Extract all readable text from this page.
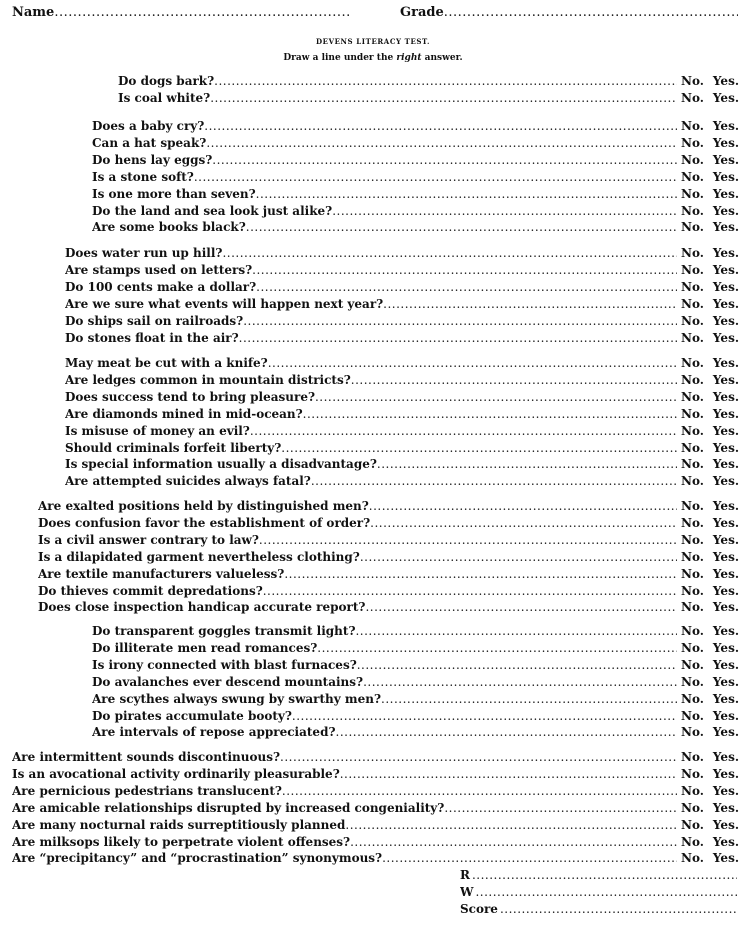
Name .....	Grade
.....
DEVENS LITERACY TEST.
Draw a line under the right answer.
Do dogs bark? .....	No. Yes.
Is coal white? .....	No. Yes.
Does a baby cry? .....	No. Yes.
Can a hat speak? .....	No. Yes.
Do hens lay eggs? .....	No. Yes.
Is a stone soft? .....	No. Yes.
Is one more than seven? .....	No. Yes.
Do the land and sea look just alike? .....	No. Yes.
Are some books black? .....	No. Yes.
Does water run up hill? .....	No. Yes.
Are stamps used on letters? .....	No. Yes.
Do 100 cents make a dollar? .....	No. Yes.
Are we sure what events will happen next year? .....	No. Yes.
Do ships sail on railroads? .....	No. Yes.
Do stones float in the air? .....	No. Yes.
May meat be cut with a knife? .....	No. Yes.
Are ledges common in mountain districts? .....	No. Yes.
Does success tend to bring pleasure? .....	No. Yes.
Are diamonds mined in mid-ocean? .....	No. Yes.
Is misuse of money an evil? .....	No. Yes.
Should criminals forfeit liberty? .....	No. Yes.
Is special information usually a disadvantage? .....	No. Yes.
Are attempted suicides always fatal? .....	No. Yes.
Are exalted positions held by distinguished men? .....	No. Yes.
Does confusion favor the establishment of order? .....	No. Yes.
Is a civil answer contrary to law? .....	No. Yes.
Is a dilapidated garment nevertheless clothing? .....	No. Yes.
Are textile manufacturers valueless? .....	No. Yes.
Do thieves commit depredations? .....	No. Yes.
Does close inspection handicap accurate report? .....	No. Yes.
Do transparent goggles transmit light? .....	No. Yes.
Do illiterate men read romances? .....	No. Yes.
Is irony connected with blast furnaces? .....	No. Yes.
Do avalanches ever descend mountains? .....	No. Yes.
Are scythes always swung by swarthy men? .....	No. Yes.
Do pirates accumulate booty? .....	No. Yes.
Are intervals of repose appreciated? .....	No. Yes.
Are intermittent sounds discontinuous? .....	No. Yes.
Is an avocational activity ordinarily pleasurable? .....	No. Yes.
Are pernicious pedestrians translucent? .....	No. Yes.
Are amicable relationships disrupted by increased congeniality? .....	No. Yes.
Are many nocturnal raids surreptitiously planned .....	No. Yes.
Are milksops likely to perpetrate violent offenses? .....	No. Yes.
Are “precipitancy” and “procrastination” synonymous? .....	No. Yes.
R
.....
W
.....
Score
.....
